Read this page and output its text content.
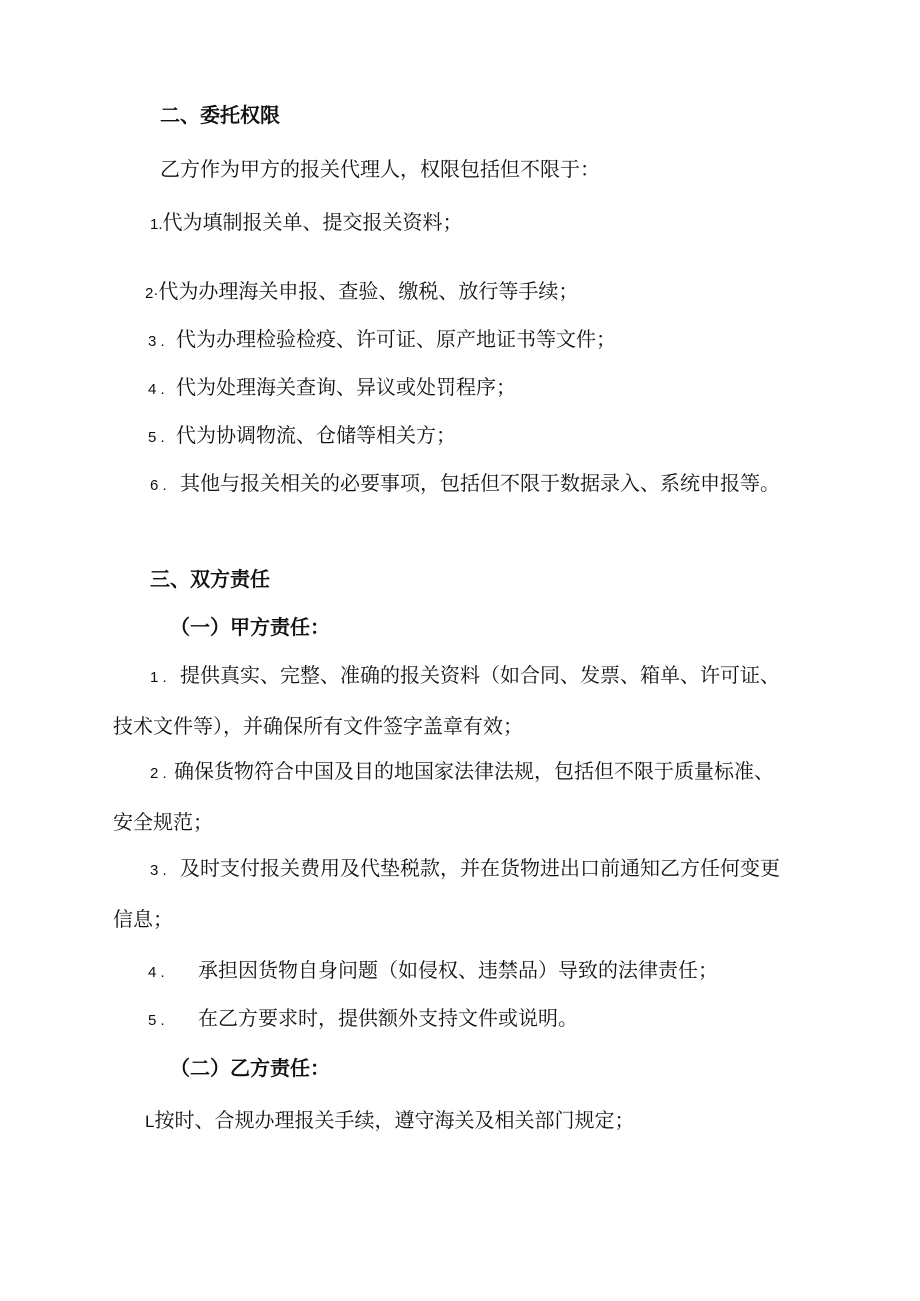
二、委托权限
乙方作为甲方的报关代理人，权限包括但不限于：
1.代为填制报关单、提交报关资料；
2·代为办理海关申报、查验、缴税、放行等手续；
3 . 代为办理检验检疫、许可证、原产地证书等文件；
4 . 代为处理海关查询、异议或处罚程序；
5 . 代为协调物流、仓储等相关方；
6 . 其他与报关相关的必要事项，包括但不限于数据录入、系统申报等。
三、双方责任
（一）甲方责任：
1 . 提供真实、完整、准确的报关资料（如合同、发票、箱单、许可证、技术文件等），并确保所有文件签字盖章有效；
2 . 确保货物符合中国及目的地国家法律法规，包括但不限于质量标准、安全规范；
3 . 及时支付报关费用及代垫税款，并在货物进出口前通知乙方任何变更信息；
4 . 承担因货物自身问题（如侵权、违禁品）导致的法律责任；
5 . 在乙方要求时，提供额外支持文件或说明。
（二）乙方责任：
L按时、合规办理报关手续，遵守海关及相关部门规定；
